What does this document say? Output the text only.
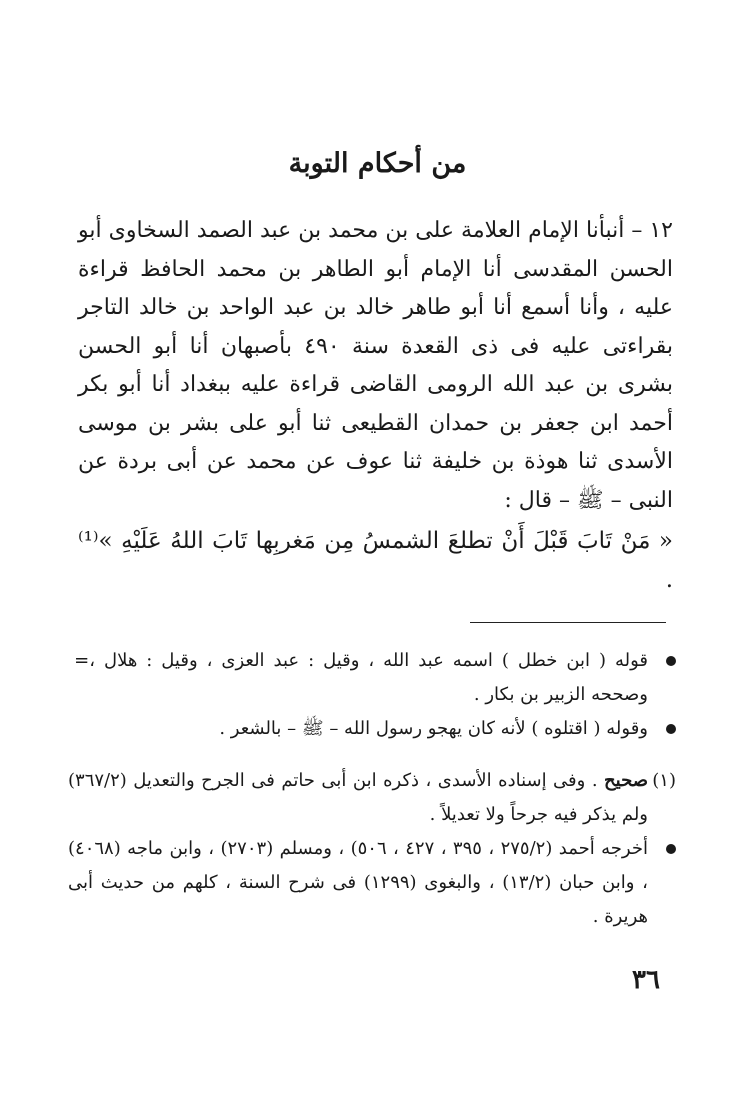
من أحكام التوبة

١٢ – أنبأنا الإمام العلامة على بن محمد بن عبد الصمد السخاوى أبو الحسن المقدسى أنا الإمام أبو الطاهر بن محمد الحافظ قراءة عليه ، وأنا أسمع أنا أبو طاهر خالد بن عبد الواحد بن خالد التاجر بقراءتى عليه فى ذى القعدة سنة ٤٩٠ بأصبهان أنا أبو الحسن بشرى بن عبد الله الرومى القاضى قراءة عليه ببغداد أنا أبو بكر أحمد ابن جعفر بن حمدان القطيعى ثنا أبو على بشر بن موسى الأسدى ثنا هوذة بن خليفة ثنا عوف عن محمد عن أبى بردة عن النبى – ﷺ – قال :

« مَنْ تَابَ قَبْلَ أَنْ تطلعَ الشمسُ مِن مَغربِها تَابَ اللهُ عَلَيْهِ »⁽¹⁾ .

قوله ( ابن خطل ) اسمه عبد الله ، وقيل : عبد العزى ، وقيل : هلال ، وصححه الزبير بن بكار .
=
وقوله ( اقتلوه ) لأنه كان يهجو رسول الله – ﷺ – بالشعر .
(١)
صحيح . وفى إسناده الأسدى ، ذكره ابن أبى حاتم فى الجرح والتعديل (٣٦٧/٢) ولم يذكر فيه جرحاً ولا تعديلاً .
أخرجه أحمد (٢٧٥/٢ ، ٣٩٥ ، ٤٢٧ ، ٥٠٦) ، ومسلم (٢٧٠٣) ، وابن ماجه (٤٠٦٨) ، وابن حبان (١٣/٢) ، والبغوى (١٢٩٩) فى شرح السنة ، كلهم من حديث أبى هريرة .
٣٦
